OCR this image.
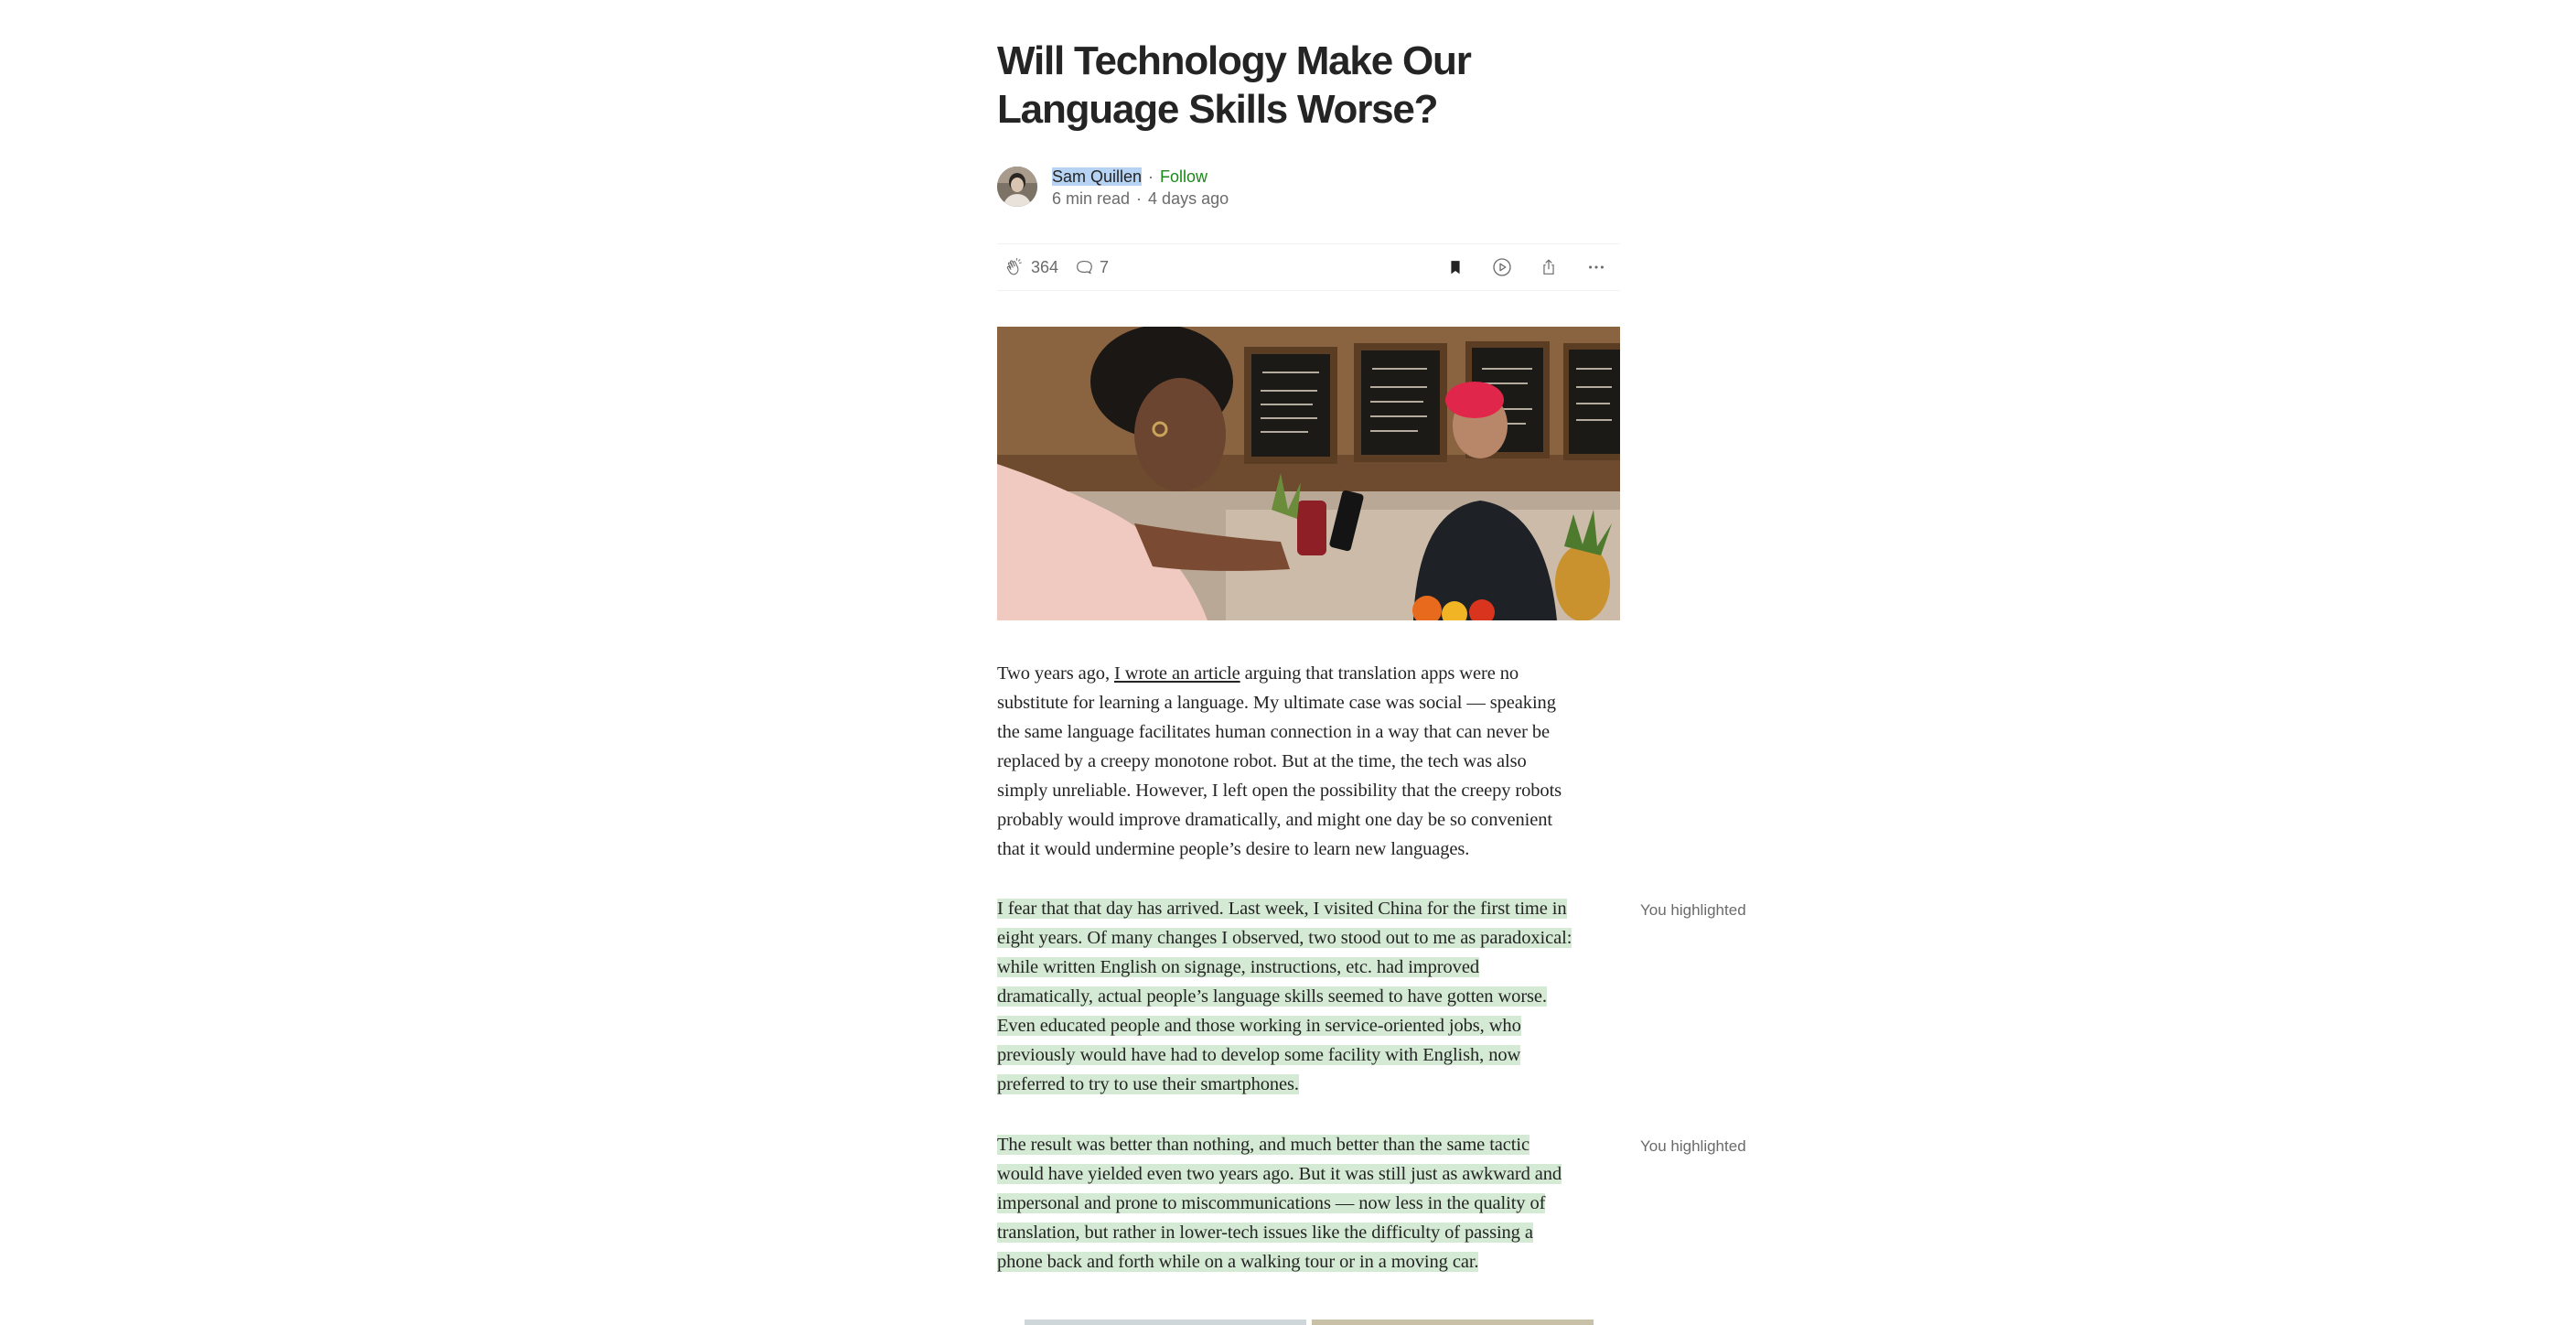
Will Technology Make Our
Language Skills Worse?
Sam Quillen · Follow
6 min read · 4 days ago
364 7

Two years ago, I wrote an article arguing that translation apps were no
substitute for learning a language. My ultimate case was social — speaking
the same language facilitates human connection in a way that can never be
replaced by a creepy monotone robot. But at the time, the tech was also
simply unreliable. However, I left open the possibility that the creepy robots
probably would improve dramatically, and might one day be so convenient
that it would undermine people’s desire to learn new languages.

I fear that that day has arrived. Last week, I visited China for the first time in
eight years. Of many changes I observed, two stood out to me as paradoxical:
while written English on signage, instructions, etc. had improved
dramatically, actual people’s language skills seemed to have gotten worse.
Even educated people and those working in service-oriented jobs, who
previously would have had to develop some facility with English, now
preferred to try to use their smartphones.

The result was better than nothing, and much better than the same tactic
would have yielded even two years ago. But it was still just as awkward and
impersonal and prone to miscommunications — now less in the quality of
translation, but rather in lower-tech issues like the difficulty of passing a
phone back and forth while on a walking tour or in a moving car.

You highlighted
You highlighted
